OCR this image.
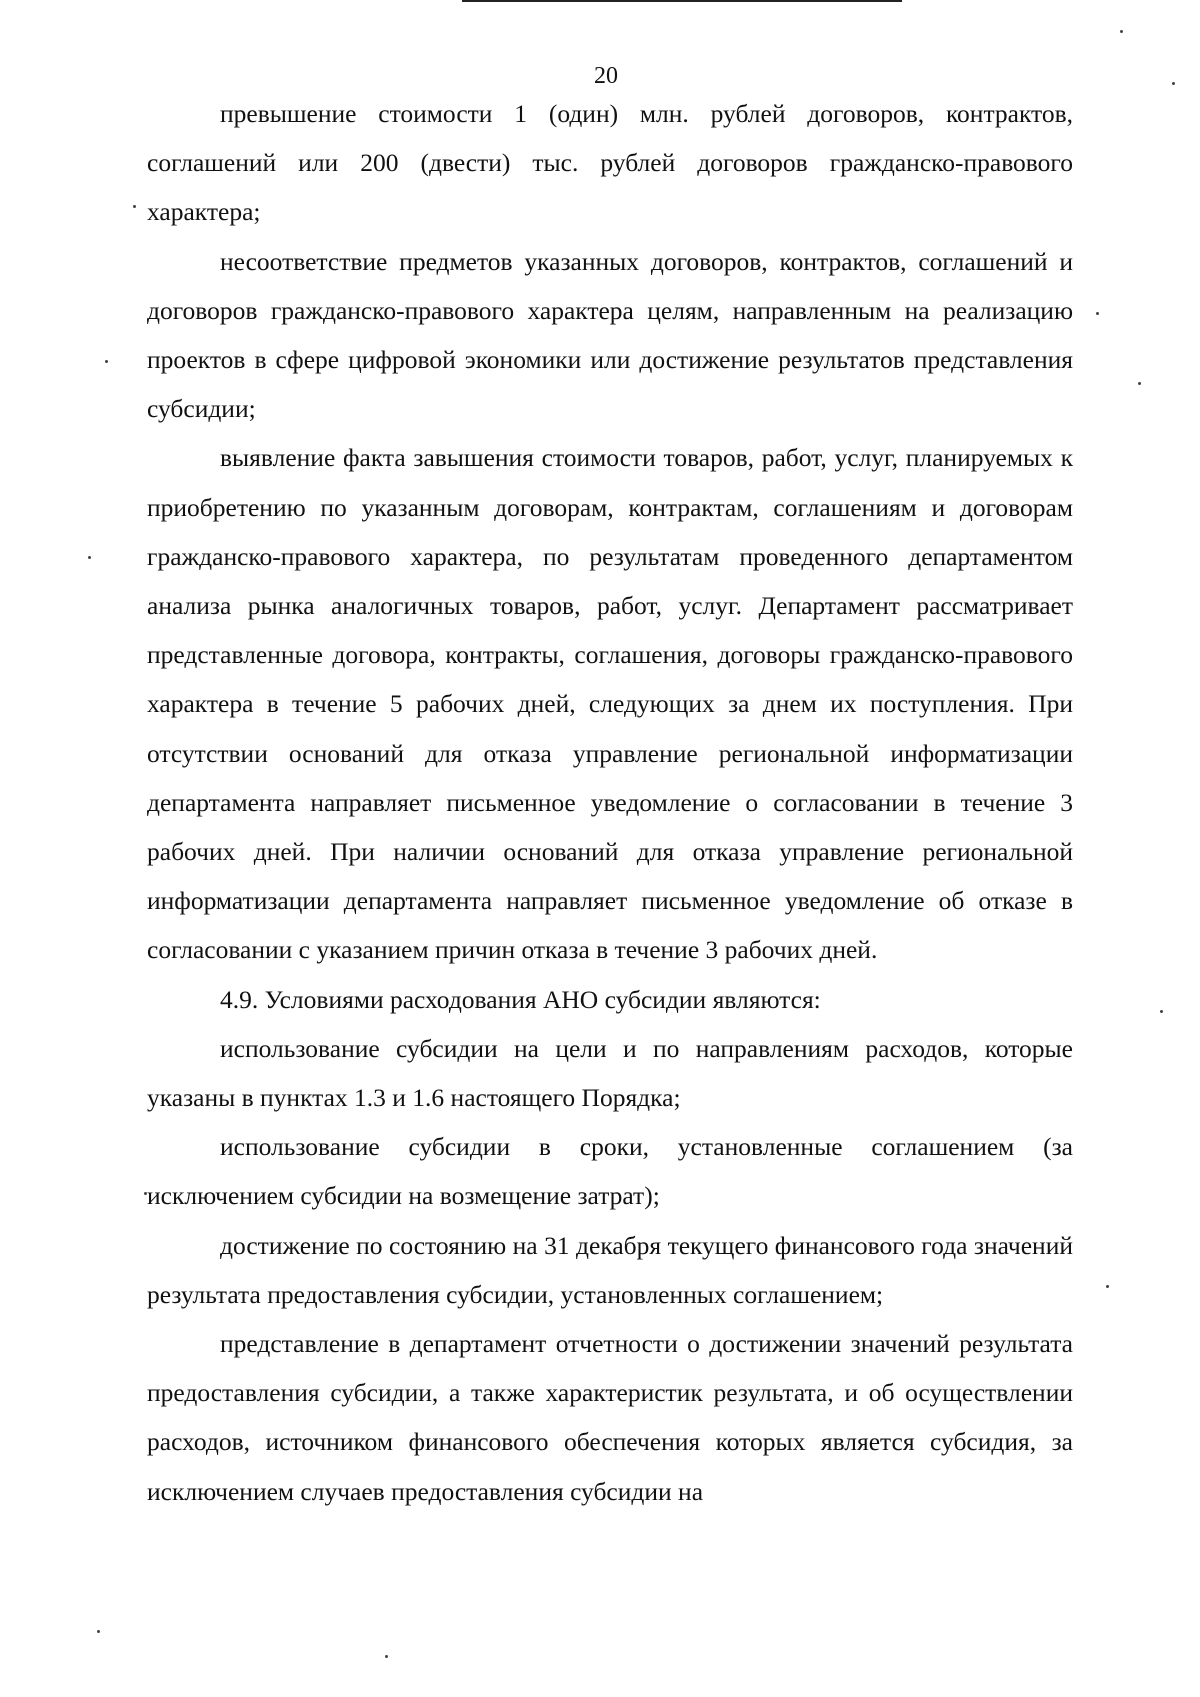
20

превышение стоимости 1 (один) млн. рублей договоров, контрактов, соглашений или 200 (двести) тыс. рублей договоров гражданско-правового характера;

несоответствие предметов указанных договоров, контрактов, соглашений и договоров гражданско-правового характера целям, направленным на реализацию проектов в сфере цифровой экономики или достижение результатов представления субсидии;

выявление факта завышения стоимости товаров, работ, услуг, планируемых к приобретению по указанным договорам, контрактам, соглашениям и договорам гражданско-правового характера, по результатам проведенного департаментом анализа рынка аналогичных товаров, работ, услуг. Департамент рассматривает представленные договора, контракты, соглашения, договоры гражданско-правового характера в течение 5 рабочих дней, следующих за днем их поступления. При отсутствии оснований для отказа управление региональной информатизации департамента направляет письменное уведомление о согласовании в течение 3 рабочих дней. При наличии оснований для отказа управление региональной информатизации департамента направляет письменное уведомление об отказе в согласовании с указанием причин отказа в течение 3 рабочих дней.

4.9. Условиями расходования АНО субсидии являются:

использование субсидии на цели и по направлениям расходов, которые указаны в пунктах 1.3 и 1.6 настоящего Порядка;

использование субсидии в сроки, установленные соглашением (за исключением субсидии на возмещение затрат);

достижение по состоянию на 31 декабря текущего финансового года значений результата предоставления субсидии, установленных соглашением;

представление в департамент отчетности о достижении значений результата предоставления субсидии, а также характеристик результата, и об осуществлении расходов, источником финансового обеспечения которых является субсидия, за исключением случаев предоставления субсидии на
